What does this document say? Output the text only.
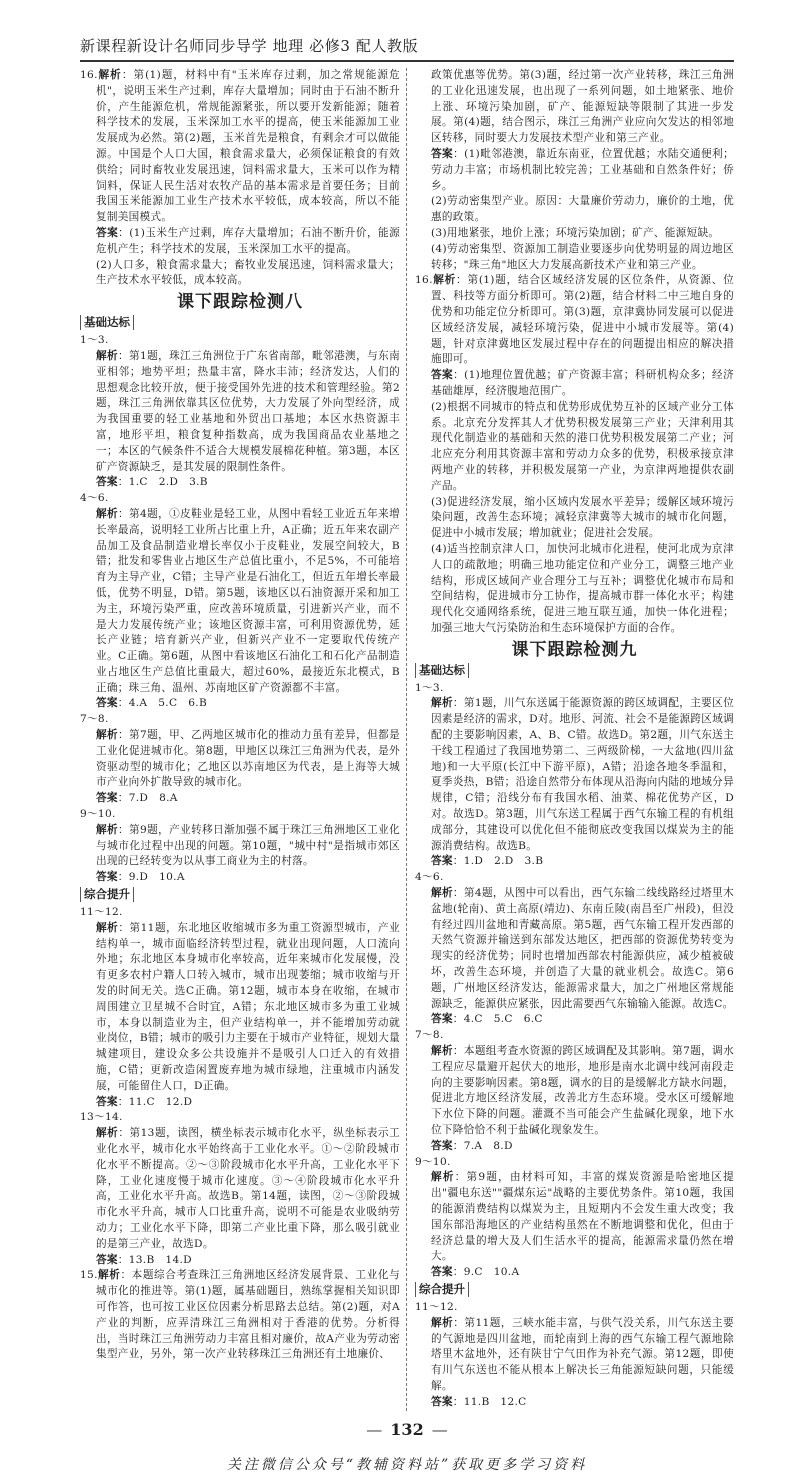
新课程新设计名师同步导学 地理 必修3 配人教版
16.解析：第(1)题，材料中有"玉米库存过剩，加之常规能源危机"，说明玉米生产过剩，库存大量增加；同时由于石油不断升价，产生能源危机，常规能源紧张，所以要开发新能源；随着科学技术的发展，玉米深加工水平的提高，使玉米能源加工业发展成为必然。第(2)题，玉米首先是粮食，有剩余才可以做能源。中国是个人口大国，粮食需求量大，必须保证粮食的有效供给；同时畜牧业发展迅速，饲料需求量大，玉米可以作为精饲料，保证人民生活对农牧产品的基本需求是首要任务；目前我国玉米能源加工业生产技术水平较低，成本较高，所以不能复制美国模式。
答案：(1)玉米生产过剩，库存大量增加；石油不断升价，能源危机产生；科学技术的发展，玉米深加工水平的提高。
(2)人口多，粮食需求量大；畜牧业发展迅速，饲料需求量大；生产技术水平较低，成本较高。
课下跟踪检测八
基础达标
1～3.
解析：第1题，珠江三角洲位于广东省南部，毗邻港澳，与东南亚相邻；地势平坦；热量丰富，降水丰沛；经济发达，人们的思想观念比较开放，便于接受国外先进的技术和管理经验。第2题，珠江三角洲依靠其区位优势，大力发展了外向型经济，成为我国重要的轻工业基地和外贸出口基地；本区水热资源丰富，地形平坦，粮食复种指数高，成为我国商品农业基地之一；本区的气候条件不适合大规模发展棉花种植。第3题，本区矿产资源缺乏，是其发展的限制性条件。
答案：1.C　2.D　3.B
4～6.
解析：第4题，①皮鞋业是轻工业，从图中看轻工业近五年来增长率最高，说明轻工业所占比重上升，A正确；近五年来农副产品加工及食品制造业增长率仅小于皮鞋业，发展空间较大，B错；批发和零售业占地区生产总值比重小，不足5%，不可能培育为主导产业，C错；主导产业是石油化工，但近五年增长率最低，优势不明显，D错。第5题，该地区以石油资源开采和加工为主，环境污染严重，应改善环境质量，引进新兴产业，而不是大力发展传统产业；该地区资源丰富，可利用资源优势，延长产业链；培育新兴产业，但新兴产业不一定要取代传统产业。C正确。第6题，从图中看该地区石油化工和石化产品制造业占地区生产总值比重最大，超过60%，最接近东北模式，B正确；珠三角、温州、苏南地区矿产资源都不丰富。
答案：4.A　5.C　6.B
7～8.
解析：第7题，甲、乙两地区城市化的推动力虽有差异，但都是工业化促进城市化。第8题，甲地区以珠江三角洲为代表，是外资驱动型的城市化；乙地区以苏南地区为代表，是上海等大城市产业向外扩散导致的城市化。
答案：7.D　8.A
9～10.
解析：第9题，产业转移日渐加强不属于珠江三角洲地区工业化与城市化过程中出现的问题。第10题，"城中村"是指城市郊区出现的已经转变为以从事工商业为主的村落。
答案：9.D　10.A
综合提升
11～12.
解析：第11题，东北地区收缩城市多为重工资源型城市，产业结构单一，城市面临经济转型过程，就业出现问题，人口流向外地；东北地区本身城市化率较高，近年来城市化发展慢，没有更多农村户籍人口转入城市，城市出现萎缩；城市收缩与开发的时间无关。选C正确。第12题，城市本身在收缩，在城市周围建立卫星城不合时宜，A错；东北地区城市多为重工业城市，本身以制造业为主，但产业结构单一，并不能增加劳动就业岗位，B错；城市的吸引力主要在于城市产业特征，规划大量城建项目，建设众多公共设施并不是吸引人口迁入的有效措施，C错；更新改造闲置废弃地为城市绿地，注重城市内涵发展，可能留住人口，D正确。
答案：11.C　12.D
13～14.
解析：第13题，读图，横坐标表示城市化水平，纵坐标表示工业化水平，城市化水平始终高于工业化水平。①～②阶段城市化水平不断提高。②～③阶段城市化水平升高，工业化水平下降，工业化速度慢于城市化速度。③～④阶段城市化水平升高，工业化水平升高。故选B。第14题，读图，②～③阶段城市化水平升高，城市人口比重升高，说明不可能是农业吸纳劳动力；工业化水平下降，即第二产业比重下降，那么吸引就业的是第三产业，故选D。
答案：13.B　14.D
15.解析：本题综合考查珠江三角洲地区经济发展背景、工业化与城市化的推进等。第(1)题，属基础题目，熟练掌握相关知识即可作答，也可按工业区位因素分析思路去总结。第(2)题，对A产业的判断，应弄清珠江三角洲相对于香港的优势。分析得出，当时珠江三角洲劳动力丰富且相对廉价，故A产业为劳动密集型产业，另外，第一次产业转移珠江三角洲还有土地廉价、
政策优惠等优势。第(3)题，经过第一次产业转移，珠江三角洲的工业化迅速发展，也出现了一系列问题，如土地紧张、地价上涨、环境污染加剧，矿产、能源短缺等限制了其进一步发展。第(4)题，结合图示，珠江三角洲产业应向欠发达的相邻地区转移，同时要大力发展技术型产业和第三产业。
答案：(1)毗邻港澳，靠近东南亚，位置优越；水陆交通便利；劳动力丰富；市场机制比较完善；工业基础和自然条件好；侨乡。
(2)劳动密集型产业。原因：大量廉价劳动力，廉价的土地，优惠的政策。
(3)用地紧张，地价上涨；环境污染加剧；矿产、能源短缺。
(4)劳动密集型、资源加工制造业要逐步向优势明显的周边地区转移；"珠三角"地区大力发展高新技术产业和第三产业。
16.解析：第(1)题，结合区域经济发展的区位条件，从资源、位置、科技等方面分析即可。第(2)题，结合材料二中三地自身的优势和功能定位分析即可。第(3)题，京津冀协同发展可以促进区域经济发展，减轻环境污染，促进中小城市发展等。第(4)题，针对京津冀地区发展过程中存在的问题提出相应的解决措施即可。
答案：(1)地理位置优越；矿产资源丰富；科研机构众多；经济基础雄厚，经济腹地范围广。
(2)根据不同城市的特点和优势形成优势互补的区域产业分工体系。北京充分发挥其人才优势积极发展第三产业；天津利用其现代化制造业的基础和天然的港口优势积极发展第二产业；河北应充分利用其资源丰富和劳动力众多的优势，积极承接京津两地产业的转移，并积极发展第一产业，为京津两地提供农副产品。
(3)促进经济发展，缩小区域内发展水平差异；缓解区域环境污染问题，改善生态环境；减轻京津冀等大城市的城市化问题，促进中小城市发展；增加就业；促进社会发展。
(4)适当控制京津人口，加快河北城市化进程，使河北成为京津人口的疏散地；明确三地功能定位和产业分工，调整三地产业结构，形成区域间产业合理分工与互补；调整优化城市布局和空间结构，促进城市分工协作，提高城市群一体化水平；构建现代化交通网络系统，促进三地互联互通，加快一体化进程；加强三地大气污染防治和生态环境保护方面的合作。
课下跟踪检测九
基础达标
1～3.
解析：第1题，川气东送属于能源资源的跨区域调配，主要区位因素是经济的需求，D对。地形、河流、社会不是能源跨区域调配的主要影响因素，A、B、C错。故选D。第2题，川气东送主干线工程通过了我国地势第二、三两级阶梯，一大盆地(四川盆地)和一大平原(长江中下游平原)，A错；沿途各地冬季温和，夏季炎热，B错；沿途自然带分布体现从沿海向内陆的地域分异规律，C错；沿线分布有我国水稻、油菜、棉花优势产区，D对。故选D。第3题，川气东送工程属于西气东输工程的有机组成部分，其建设可以优化但不能彻底改变我国以煤炭为主的能源消费结构。故选B。
答案：1.D　2.D　3.B
4～6.
解析：第4题，从图中可以看出，西气东输二线线路经过塔里木盆地(轮南)、黄土高原(靖边)、东南丘陵(南昌至广州段)，但没有经过四川盆地和青藏高原。第5题，西气东输工程开发西部的天然气资源并输送到东部发达地区，把西部的资源优势转变为现实的经济优势；同时也增加西部农村能源供应，减少植被破坏，改善生态环境，并创造了大量的就业机会。故选C。第6题，广州地区经济发达，能源需求量大，加之广州地区常规能源缺乏，能源供应紧张，因此需要西气东输输入能源。故选C。
答案：4.C　5.C　6.C
7～8.
解析：本题组考查水资源的跨区域调配及其影响。第7题，调水工程应尽量避开起伏大的地形，地形是南水北调中线河南段走向的主要影响因素。第8题，调水的目的是缓解北方缺水问题，促进北方地区经济发展，改善北方生态环境。受水区可缓解地下水位下降的问题。灌溉不当可能会产生盐碱化现象，地下水位下降恰恰不利于盐碱化现象发生。
答案：7.A　8.D
9～10.
解析：第9题，由材料可知，丰富的煤炭资源是哈密地区提出"疆电东送""疆煤东运"战略的主要优势条件。第10题，我国的能源消费结构以煤炭为主，且短期内不会发生重大改变；我国东部沿海地区的产业结构虽然在不断地调整和优化，但由于经济总量的增大及人们生活水平的提高，能源需求量仍然在增大。
答案：9.C　10.A
综合提升
11～12.
解析：第11题，三峡水能丰富，与供气没关系，川气东送主要的气源地是四川盆地，而轮南到上海的西气东输工程气源地除塔里木盆地外，还有陕甘宁气田作为补充气源。第12题，即使有川气东送也不能从根本上解决长三角能源短缺问题，只能缓解。
答案：11.B　12.C
— 132 —
关注微信公众号“教辅资料站”获取更多学习资料
